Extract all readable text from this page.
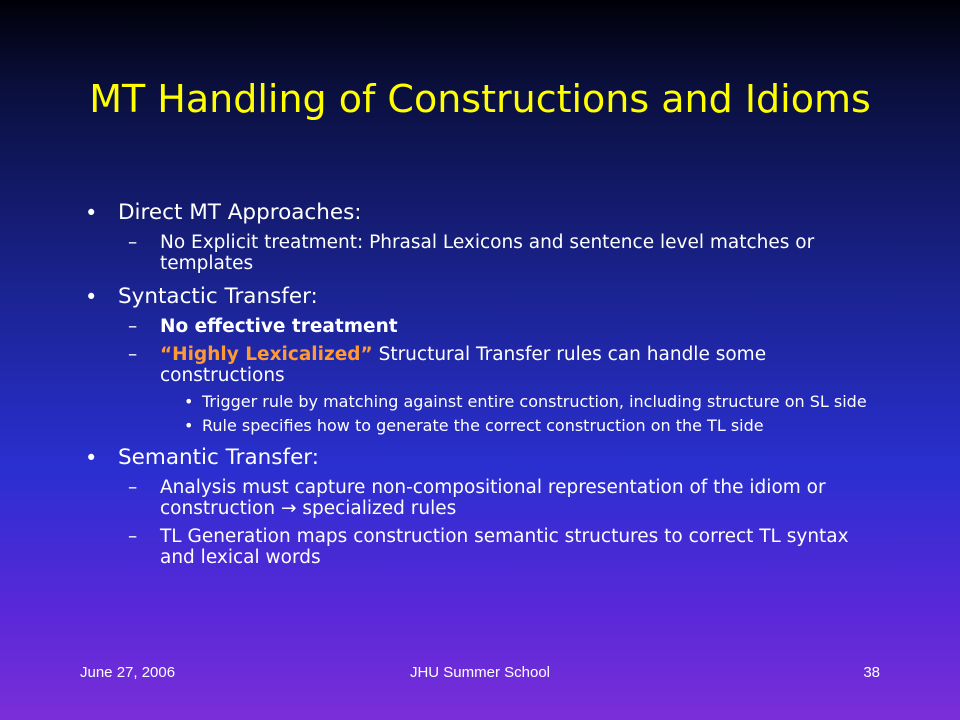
MT Handling of Constructions and Idioms
• Direct MT Approaches:
– No Explicit treatment: Phrasal Lexicons and sentence level matches or templates
• Syntactic Transfer:
– No effective treatment
– “Highly Lexicalized” Structural Transfer rules can handle some constructions
• Trigger rule by matching against entire construction, including structure on SL side
• Rule specifies how to generate the correct construction on the TL side
• Semantic Transfer:
– Analysis must capture non-compositional representation of the idiom or construction → specialized rules
– TL Generation maps construction semantic structures to correct TL syntax and lexical words
June 27, 2006	JHU Summer School	38
